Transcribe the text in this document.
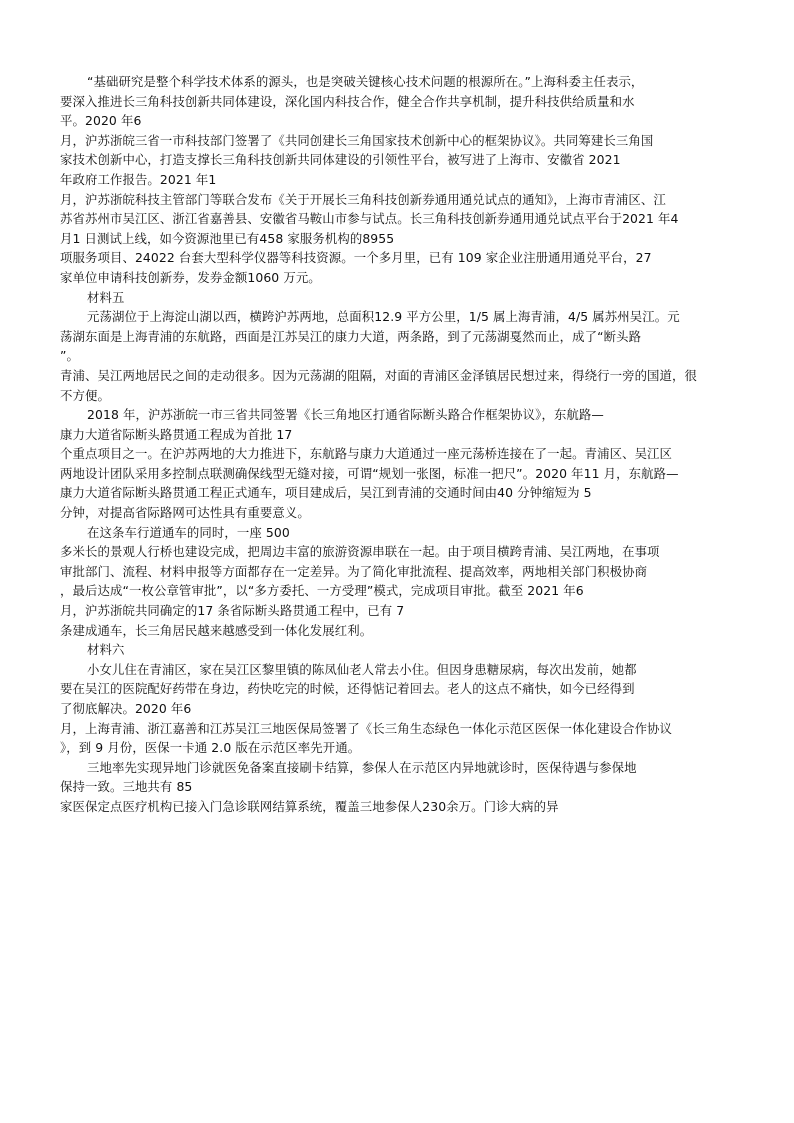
“基础研究是整个科学技术体系的源头，也是突破关键核心技术问题的根源所在。”上海科委主任表示，
要深入推进长三角科技创新共同体建设，深化国内科技合作，健全合作共享机制，提升科技供给质量和水
平。2020 年6
月，沪苏浙皖三省一市科技部门签署了《共同创建长三角国家技术创新中心的框架协议》。共同筹建长三角国
家技术创新中心，打造支撑长三角科技创新共同体建设的引领性平台，被写进了上海市、安徽省 2021
年政府工作报告。2021 年1
月，沪苏浙皖科技主管部门等联合发布《关于开展长三角科技创新券通用通兑试点的通知》，上海市青浦区、江
苏省苏州市吴江区、浙江省嘉善县、安徽省马鞍山市参与试点。长三角科技创新券通用通兑试点平台于2021 年4
月1 日测试上线，如今资源池里已有458 家服务机构的8955
项服务项目、24022 台套大型科学仪器等科技资源。一个多月里，已有 109 家企业注册通用通兑平台，27
家单位申请科技创新券，发券金额1060 万元。
材料五
元荡湖位于上海淀山湖以西，横跨沪苏两地，总面积12.9 平方公里，1/5 属上海青浦，4/5 属苏州吴江。元
荡湖东面是上海青浦的东航路，西面是江苏吴江的康力大道，两条路，到了元荡湖戛然而止，成了“断头路
”。
青浦、吴江两地居民之间的走动很多。因为元荡湖的阻隔，对面的青浦区金泽镇居民想过来，得绕行一旁的国道，很
不方便。
2018 年，沪苏浙皖一市三省共同签署《长三角地区打通省际断头路合作框架协议》，东航路—
康力大道省际断头路贯通工程成为首批 17
个重点项目之一。在沪苏两地的大力推进下，东航路与康力大道通过一座元荡桥连接在了一起。青浦区、吴江区
两地设计团队采用多控制点联测确保线型无缝对接，可谓“规划一张图，标准一把尺”。2020 年11 月，东航路—
康力大道省际断头路贯通工程正式通车，项目建成后，吴江到青浦的交通时间由40 分钟缩短为 5
分钟，对提高省际路网可达性具有重要意义。
在这条车行道通车的同时，一座 500
多米长的景观人行桥也建设完成，把周边丰富的旅游资源串联在一起。由于项目横跨青浦、吴江两地，在事项
审批部门、流程、材料申报等方面都存在一定差异。为了简化审批流程、提高效率，两地相关部门积极协商
，最后达成“一枚公章管审批”，以“多方委托、一方受理”模式，完成项目审批。截至 2021 年6
月，沪苏浙皖共同确定的17 条省际断头路贯通工程中，已有 7
条建成通车，长三角居民越来越感受到一体化发展红利。
材料六
小女儿住在青浦区，家在吴江区黎里镇的陈凤仙老人常去小住。但因身患糖尿病，每次出发前，她都
要在吴江的医院配好药带在身边，药快吃完的时候，还得惦记着回去。老人的这点不痛快，如今已经得到
了彻底解决。2020 年6
月，上海青浦、浙江嘉善和江苏吴江三地医保局签署了《长三角生态绿色一体化示范区医保一体化建设合作协议
》，到 9 月份，医保一卡通 2.0 版在示范区率先开通。
三地率先实现异地门诊就医免备案直接刷卡结算，参保人在示范区内异地就诊时，医保待遇与参保地
保持一致。三地共有 85
家医保定点医疗机构已接入门急诊联网结算系统，覆盖三地参保人230余万。门诊大病的异
